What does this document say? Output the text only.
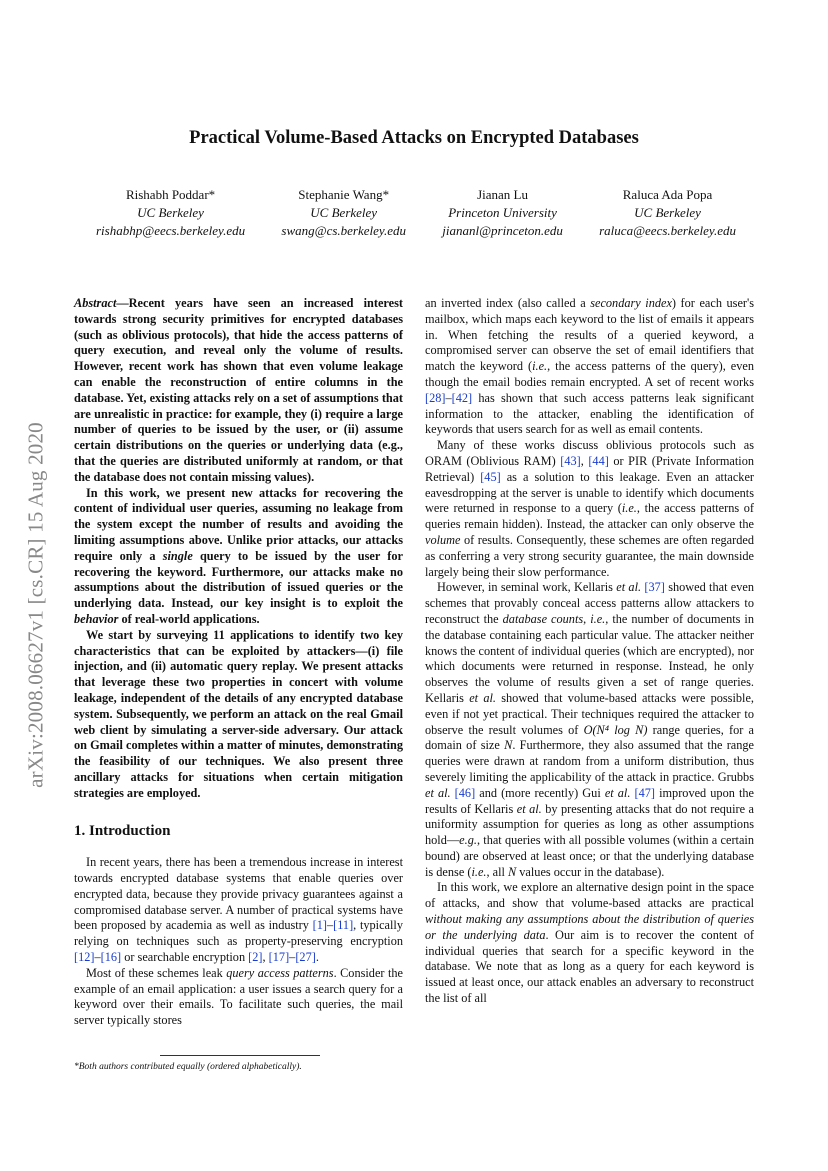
arXiv:2008.06627v1 [cs.CR] 15 Aug 2020
Practical Volume-Based Attacks on Encrypted Databases
Rishabh Poddar*
UC Berkeley
rishabhp@eecs.berkeley.edu
Stephanie Wang*
UC Berkeley
swang@cs.berkeley.edu
Jianan Lu
Princeton University
jiananl@princeton.edu
Raluca Ada Popa
UC Berkeley
raluca@eecs.berkeley.edu

Abstract—Recent years have seen an increased interest towards strong security primitives for encrypted databases (such as oblivious protocols), that hide the access patterns of query execution, and reveal only the volume of results. However, recent work has shown that even volume leakage can enable the reconstruction of entire columns in the database. Yet, existing attacks rely on a set of assumptions that are unrealistic in practice: for example, they (i) require a large number of queries to be issued by the user, or (ii) assume certain distributions on the queries or underlying data (e.g., that the queries are distributed uniformly at random, or that the database does not contain missing values).

In this work, we present new attacks for recovering the content of individual user queries, assuming no leakage from the system except the number of results and avoiding the limiting assumptions above. Unlike prior attacks, our attacks require only a single query to be issued by the user for recovering the keyword. Furthermore, our attacks make no assumptions about the distribution of issued queries or the underlying data. Instead, our key insight is to exploit the behavior of real-world applications.

We start by surveying 11 applications to identify two key characteristics that can be exploited by attackers—(i) file injection, and (ii) automatic query replay. We present attacks that leverage these two properties in concert with volume leakage, independent of the details of any encrypted database system. Subsequently, we perform an attack on the real Gmail web client by simulating a server-side adversary. Our attack on Gmail completes within a matter of minutes, demonstrating the feasibility of our techniques. We also present three ancillary attacks for situations when certain mitigation strategies are employed.

1. Introduction

In recent years, there has been a tremendous increase in interest towards encrypted database systems that enable queries over encrypted data, because they provide privacy guarantees against a compromised database server. A number of practical systems have been proposed by academia as well as industry [1]–[11], typically relying on techniques such as property-preserving encryption [12]–[16] or searchable encryption [2], [17]–[27].

Most of these schemes leak query access patterns. Consider the example of an email application: a user issues a search query for a keyword over their emails. To facilitate such queries, the mail server typically stores

an inverted index (also called a secondary index) for each user's mailbox, which maps each keyword to the list of emails it appears in. When fetching the results of a queried keyword, a compromised server can observe the set of email identifiers that match the keyword (i.e., the access patterns of the query), even though the email bodies remain encrypted. A set of recent works [28]–[42] has shown that such access patterns leak significant information to the attacker, enabling the identification of keywords that users search for as well as email contents.

Many of these works discuss oblivious protocols such as ORAM (Oblivious RAM) [43], [44] or PIR (Private Information Retrieval) [45] as a solution to this leakage. Even an attacker eavesdropping at the server is unable to identify which documents were returned in response to a query (i.e., the access patterns of queries remain hidden). Instead, the attacker can only observe the volume of results. Consequently, these schemes are often regarded as conferring a very strong security guarantee, the main downside largely being their slow performance.

However, in seminal work, Kellaris et al. [37] showed that even schemes that provably conceal access patterns allow attackers to reconstruct the database counts, i.e., the number of documents in the database containing each particular value. The attacker neither knows the content of individual queries (which are encrypted), nor which documents were returned in response. Instead, he only observes the volume of results given a set of range queries. Kellaris et al. showed that volume-based attacks were possible, even if not yet practical. Their techniques required the attacker to observe the result volumes of O(N⁴ log N) range queries, for a domain of size N. Furthermore, they also assumed that the range queries were drawn at random from a uniform distribution, thus severely limiting the applicability of the attack in practice. Grubbs et al. [46] and (more recently) Gui et al. [47] improved upon the results of Kellaris et al. by presenting attacks that do not require a uniformity assumption for queries as long as other assumptions hold—e.g., that queries with all possible volumes (within a certain bound) are observed at least once; or that the underlying database is dense (i.e., all N values occur in the database).

In this work, we explore an alternative design point in the space of attacks, and show that volume-based attacks are practical without making any assumptions about the distribution of queries or the underlying data. Our aim is to recover the content of individual queries that search for a specific keyword in the database. We note that as long as a query for each keyword is issued at least once, our attack enables an adversary to reconstruct the list of all

*Both authors contributed equally (ordered alphabetically).
